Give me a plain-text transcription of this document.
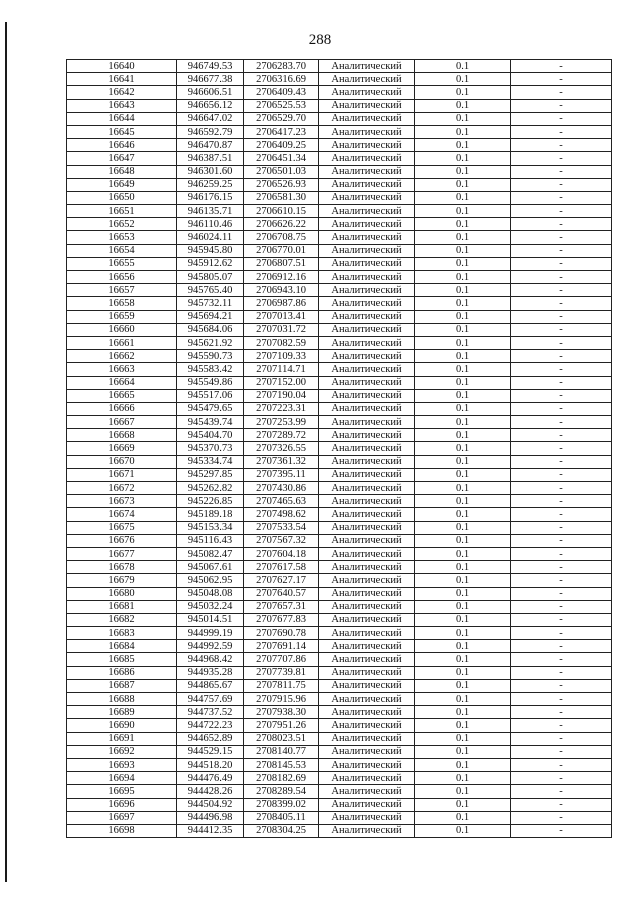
288
16640	946749.53	2706283.70	Аналитический	0.1	-
16641	946677.38	2706316.69	Аналитический	0.1	-
16642	946606.51	2706409.43	Аналитический	0.1	-
16643	946656.12	2706525.53	Аналитический	0.1	-
16644	946647.02	2706529.70	Аналитический	0.1	-
16645	946592.79	2706417.23	Аналитический	0.1	-
16646	946470.87	2706409.25	Аналитический	0.1	-
16647	946387.51	2706451.34	Аналитический	0.1	-
16648	946301.60	2706501.03	Аналитический	0.1	-
16649	946259.25	2706526.93	Аналитический	0.1	-
16650	946176.15	2706581.30	Аналитический	0.1	-
16651	946135.71	2706610.15	Аналитический	0.1	-
16652	946110.46	2706626.22	Аналитический	0.1	-
16653	946024.11	2706708.75	Аналитический	0.1	-
16654	945945.80	2706770.01	Аналитический	0.1	-
16655	945912.62	2706807.51	Аналитический	0.1	-
16656	945805.07	2706912.16	Аналитический	0.1	-
16657	945765.40	2706943.10	Аналитический	0.1	-
16658	945732.11	2706987.86	Аналитический	0.1	-
16659	945694.21	2707013.41	Аналитический	0.1	-
16660	945684.06	2707031.72	Аналитический	0.1	-
16661	945621.92	2707082.59	Аналитический	0.1	-
16662	945590.73	2707109.33	Аналитический	0.1	-
16663	945583.42	2707114.71	Аналитический	0.1	-
16664	945549.86	2707152.00	Аналитический	0.1	-
16665	945517.06	2707190.04	Аналитический	0.1	-
16666	945479.65	2707223.31	Аналитический	0.1	-
16667	945439.74	2707253.99	Аналитический	0.1	-
16668	945404.70	2707289.72	Аналитический	0.1	-
16669	945370.73	2707326.55	Аналитический	0.1	-
16670	945334.74	2707361.32	Аналитический	0.1	-
16671	945297.85	2707395.11	Аналитический	0.1	-
16672	945262.82	2707430.86	Аналитический	0.1	-
16673	945226.85	2707465.63	Аналитический	0.1	-
16674	945189.18	2707498.62	Аналитический	0.1	-
16675	945153.34	2707533.54	Аналитический	0.1	-
16676	945116.43	2707567.32	Аналитический	0.1	-
16677	945082.47	2707604.18	Аналитический	0.1	-
16678	945067.61	2707617.58	Аналитический	0.1	-
16679	945062.95	2707627.17	Аналитический	0.1	-
16680	945048.08	2707640.57	Аналитический	0.1	-
16681	945032.24	2707657.31	Аналитический	0.1	-
16682	945014.51	2707677.83	Аналитический	0.1	-
16683	944999.19	2707690.78	Аналитический	0.1	-
16684	944992.59	2707691.14	Аналитический	0.1	-
16685	944968.42	2707707.86	Аналитический	0.1	-
16686	944935.28	2707739.81	Аналитический	0.1	-
16687	944865.67	2707811.75	Аналитический	0.1	-
16688	944757.69	2707915.96	Аналитический	0.1	-
16689	944737.52	2707938.30	Аналитический	0.1	-
16690	944722.23	2707951.26	Аналитический	0.1	-
16691	944652.89	2708023.51	Аналитический	0.1	-
16692	944529.15	2708140.77	Аналитический	0.1	-
16693	944518.20	2708145.53	Аналитический	0.1	-
16694	944476.49	2708182.69	Аналитический	0.1	-
16695	944428.26	2708289.54	Аналитический	0.1	-
16696	944504.92	2708399.02	Аналитический	0.1	-
16697	944496.98	2708405.11	Аналитический	0.1	-
16698	944412.35	2708304.25	Аналитический	0.1	-
